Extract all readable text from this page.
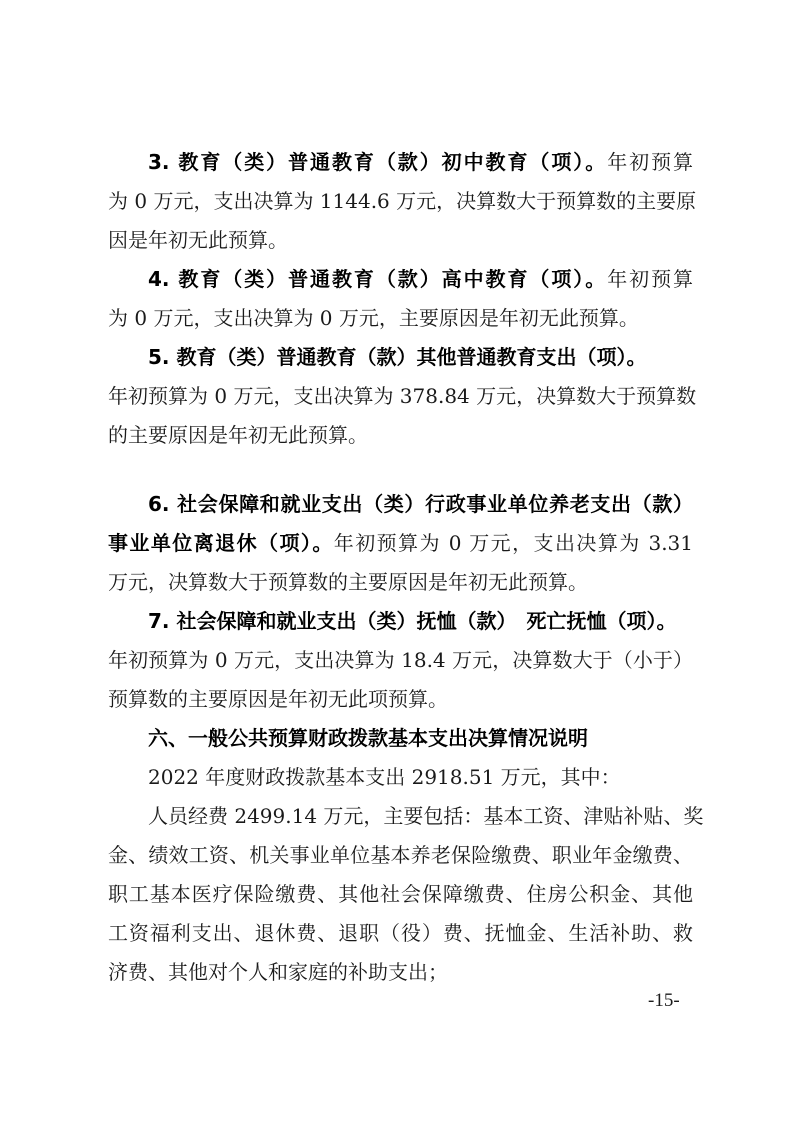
3. 教育（类）普通教育（款）初中教育（项）。年初预算
为 0 万元，支出决算为 1144.6 万元，决算数大于预算数的主要原
因是年初无此预算。
4. 教育（类）普通教育（款）高中教育（项）。年初预算
为 0 万元，支出决算为 0 万元，主要原因是年初无此预算。
5. 教育（类）普通教育（款）其他普通教育支出（项）。
年初预算为 0 万元，支出决算为 378.84 万元，决算数大于预算数
的主要原因是年初无此预算。
6. 社会保障和就业支出（类）行政事业单位养老支出（款）
事业单位离退休（项）。年初预算为 0 万元，支出决算为 3.31
万元，决算数大于预算数的主要原因是年初无此预算。
7. 社会保障和就业支出（类）抚恤（款）　死亡抚恤（项）。
年初预算为 0 万元，支出决算为 18.4 万元，决算数大于（小于）
预算数的主要原因是年初无此项预算。
六、一般公共预算财政拨款基本支出决算情况说明
2022 年度财政拨款基本支出 2918.51 万元，其中：
人员经费 2499.14 万元，主要包括：基本工资、津贴补贴、奖
金、绩效工资、机关事业单位基本养老保险缴费、职业年金缴费、
职工基本医疗保险缴费、其他社会保障缴费、住房公积金、其他
工资福利支出、退休费、退职（役）费、抚恤金、生活补助、救
济费、其他对个人和家庭的补助支出；
-15-
